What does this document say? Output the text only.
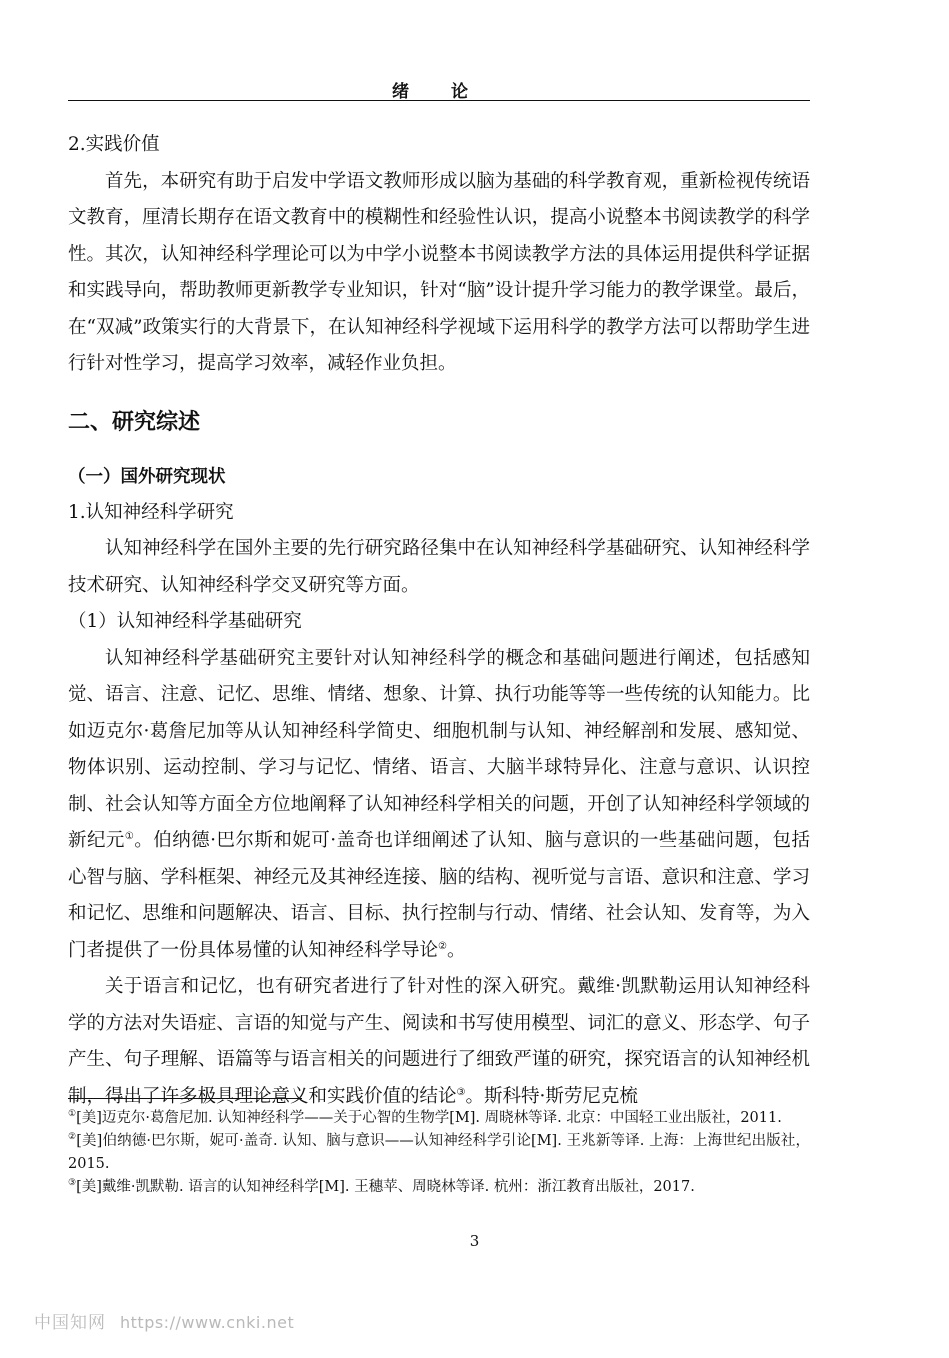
绪 论

2.实践价值

首先，本研究有助于启发中学语文教师形成以脑为基础的科学教育观，重新检视传统语文教育，厘清长期存在语文教育中的模糊性和经验性认识，提高小说整本书阅读教学的科学性。其次，认知神经科学理论可以为中学小说整本书阅读教学方法的具体运用提供科学证据和实践导向，帮助教师更新教学专业知识，针对“脑”设计提升学习能力的教学课堂。最后，在“双减”政策实行的大背景下，在认知神经科学视域下运用科学的教学方法可以帮助学生进行针对性学习，提高学习效率，减轻作业负担。

二、研究综述

（一）国外研究现状

1.认知神经科学研究

认知神经科学在国外主要的先行研究路径集中在认知神经科学基础研究、认知神经科学技术研究、认知神经科学交叉研究等方面。

（1）认知神经科学基础研究

认知神经科学基础研究主要针对认知神经科学的概念和基础问题进行阐述，包括感知觉、语言、注意、记忆、思维、情绪、想象、计算、执行功能等等一些传统的认知能力。比如迈克尔·葛詹尼加等从认知神经科学简史、细胞机制与认知、神经解剖和发展、感知觉、物体识别、运动控制、学习与记忆、情绪、语言、大脑半球特异化、注意与意识、认识控制、社会认知等方面全方位地阐释了认知神经科学相关的问题，开创了认知神经科学领域的新纪元①。伯纳德·巴尔斯和妮可·盖奇也详细阐述了认知、脑与意识的一些基础问题，包括心智与脑、学科框架、神经元及其神经连接、脑的结构、视听觉与言语、意识和注意、学习和记忆、思维和问题解决、语言、目标、执行控制与行动、情绪、社会认知、发育等，为入门者提供了一份具体易懂的认知神经科学导论②。

关于语言和记忆，也有研究者进行了针对性的深入研究。戴维·凯默勒运用认知神经科学的方法对失语症、言语的知觉与产生、阅读和书写使用模型、词汇的意义、形态学、句子产生、句子理解、语篇等与语言相关的问题进行了细致严谨的研究，探究语言的认知神经机制，得出了许多极具理论意义和实践价值的结论③。斯科特·斯劳尼克梳

①[美]迈克尔·葛詹尼加. 认知神经科学——关于心智的生物学[M]. 周晓林等译. 北京：中国轻工业出版社，2011.

②[美]伯纳德·巴尔斯，妮可·盖奇. 认知、脑与意识——认知神经科学引论[M]. 王兆新等译. 上海：上海世纪出版社，2015.

③[美]戴维·凯默勒. 语言的认知神经科学[M]. 王穗苹、周晓林等译. 杭州：浙江教育出版社，2017.

3
中国知网 https://www.cnki.net
